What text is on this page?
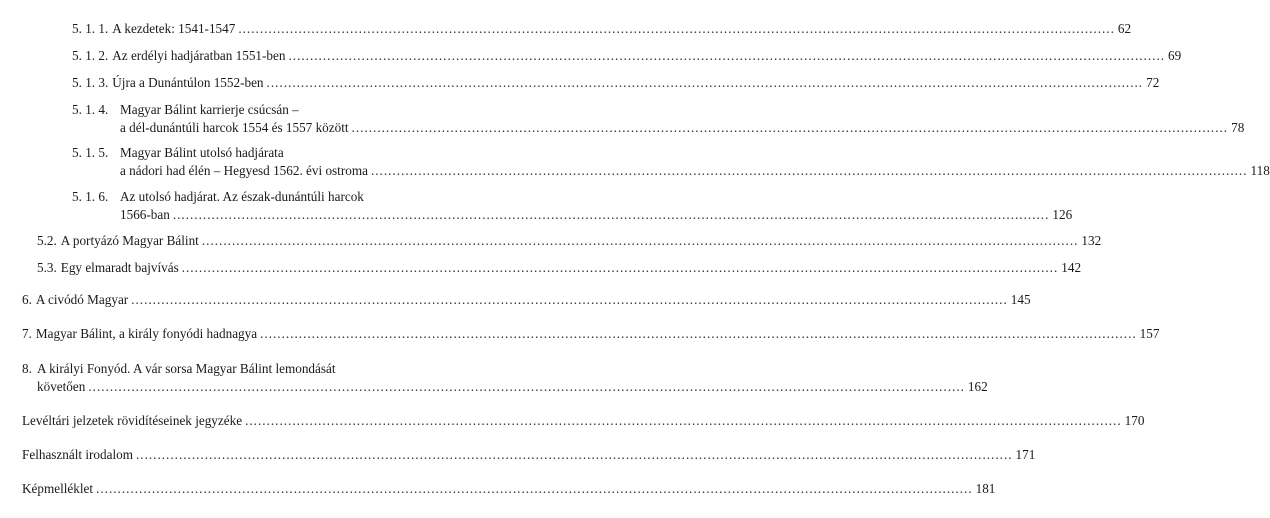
5. 1. 1. A kezdetek: 1541-1547 .....	62
5. 1. 2. Az erdélyi hadjáratban 1551-ben .....	69
5. 1. 3. Újra a Dunántúlon 1552-ben .....	72
5. 1. 4. Magyar Bálint karrierje csúcsán –
a dél-dunántúli harcok 1554 és 1557 között .....	78
5. 1. 5. Magyar Bálint utolsó hadjárata
a nádori had élén – Hegyesd 1562. évi ostroma .....	118
5. 1. 6. Az utolsó hadjárat. Az észak-dunántúli harcok
1566-ban .....	126
5.2. A portyázó Magyar Bálint .....	132
5.3. Egy elmaradt bajvívás .....	142
6. A civódó Magyar .....	145
7. Magyar Bálint, a király fonyódi hadnagya .....	157
8. A királyi Fonyód. A vár sorsa Magyar Bálint lemondását
követően .....	162
Levéltári jelzetek rövidítéseinek jegyzéke .....	170
Felhasznált irodalom .....	171
Képmelléklet .....	181
